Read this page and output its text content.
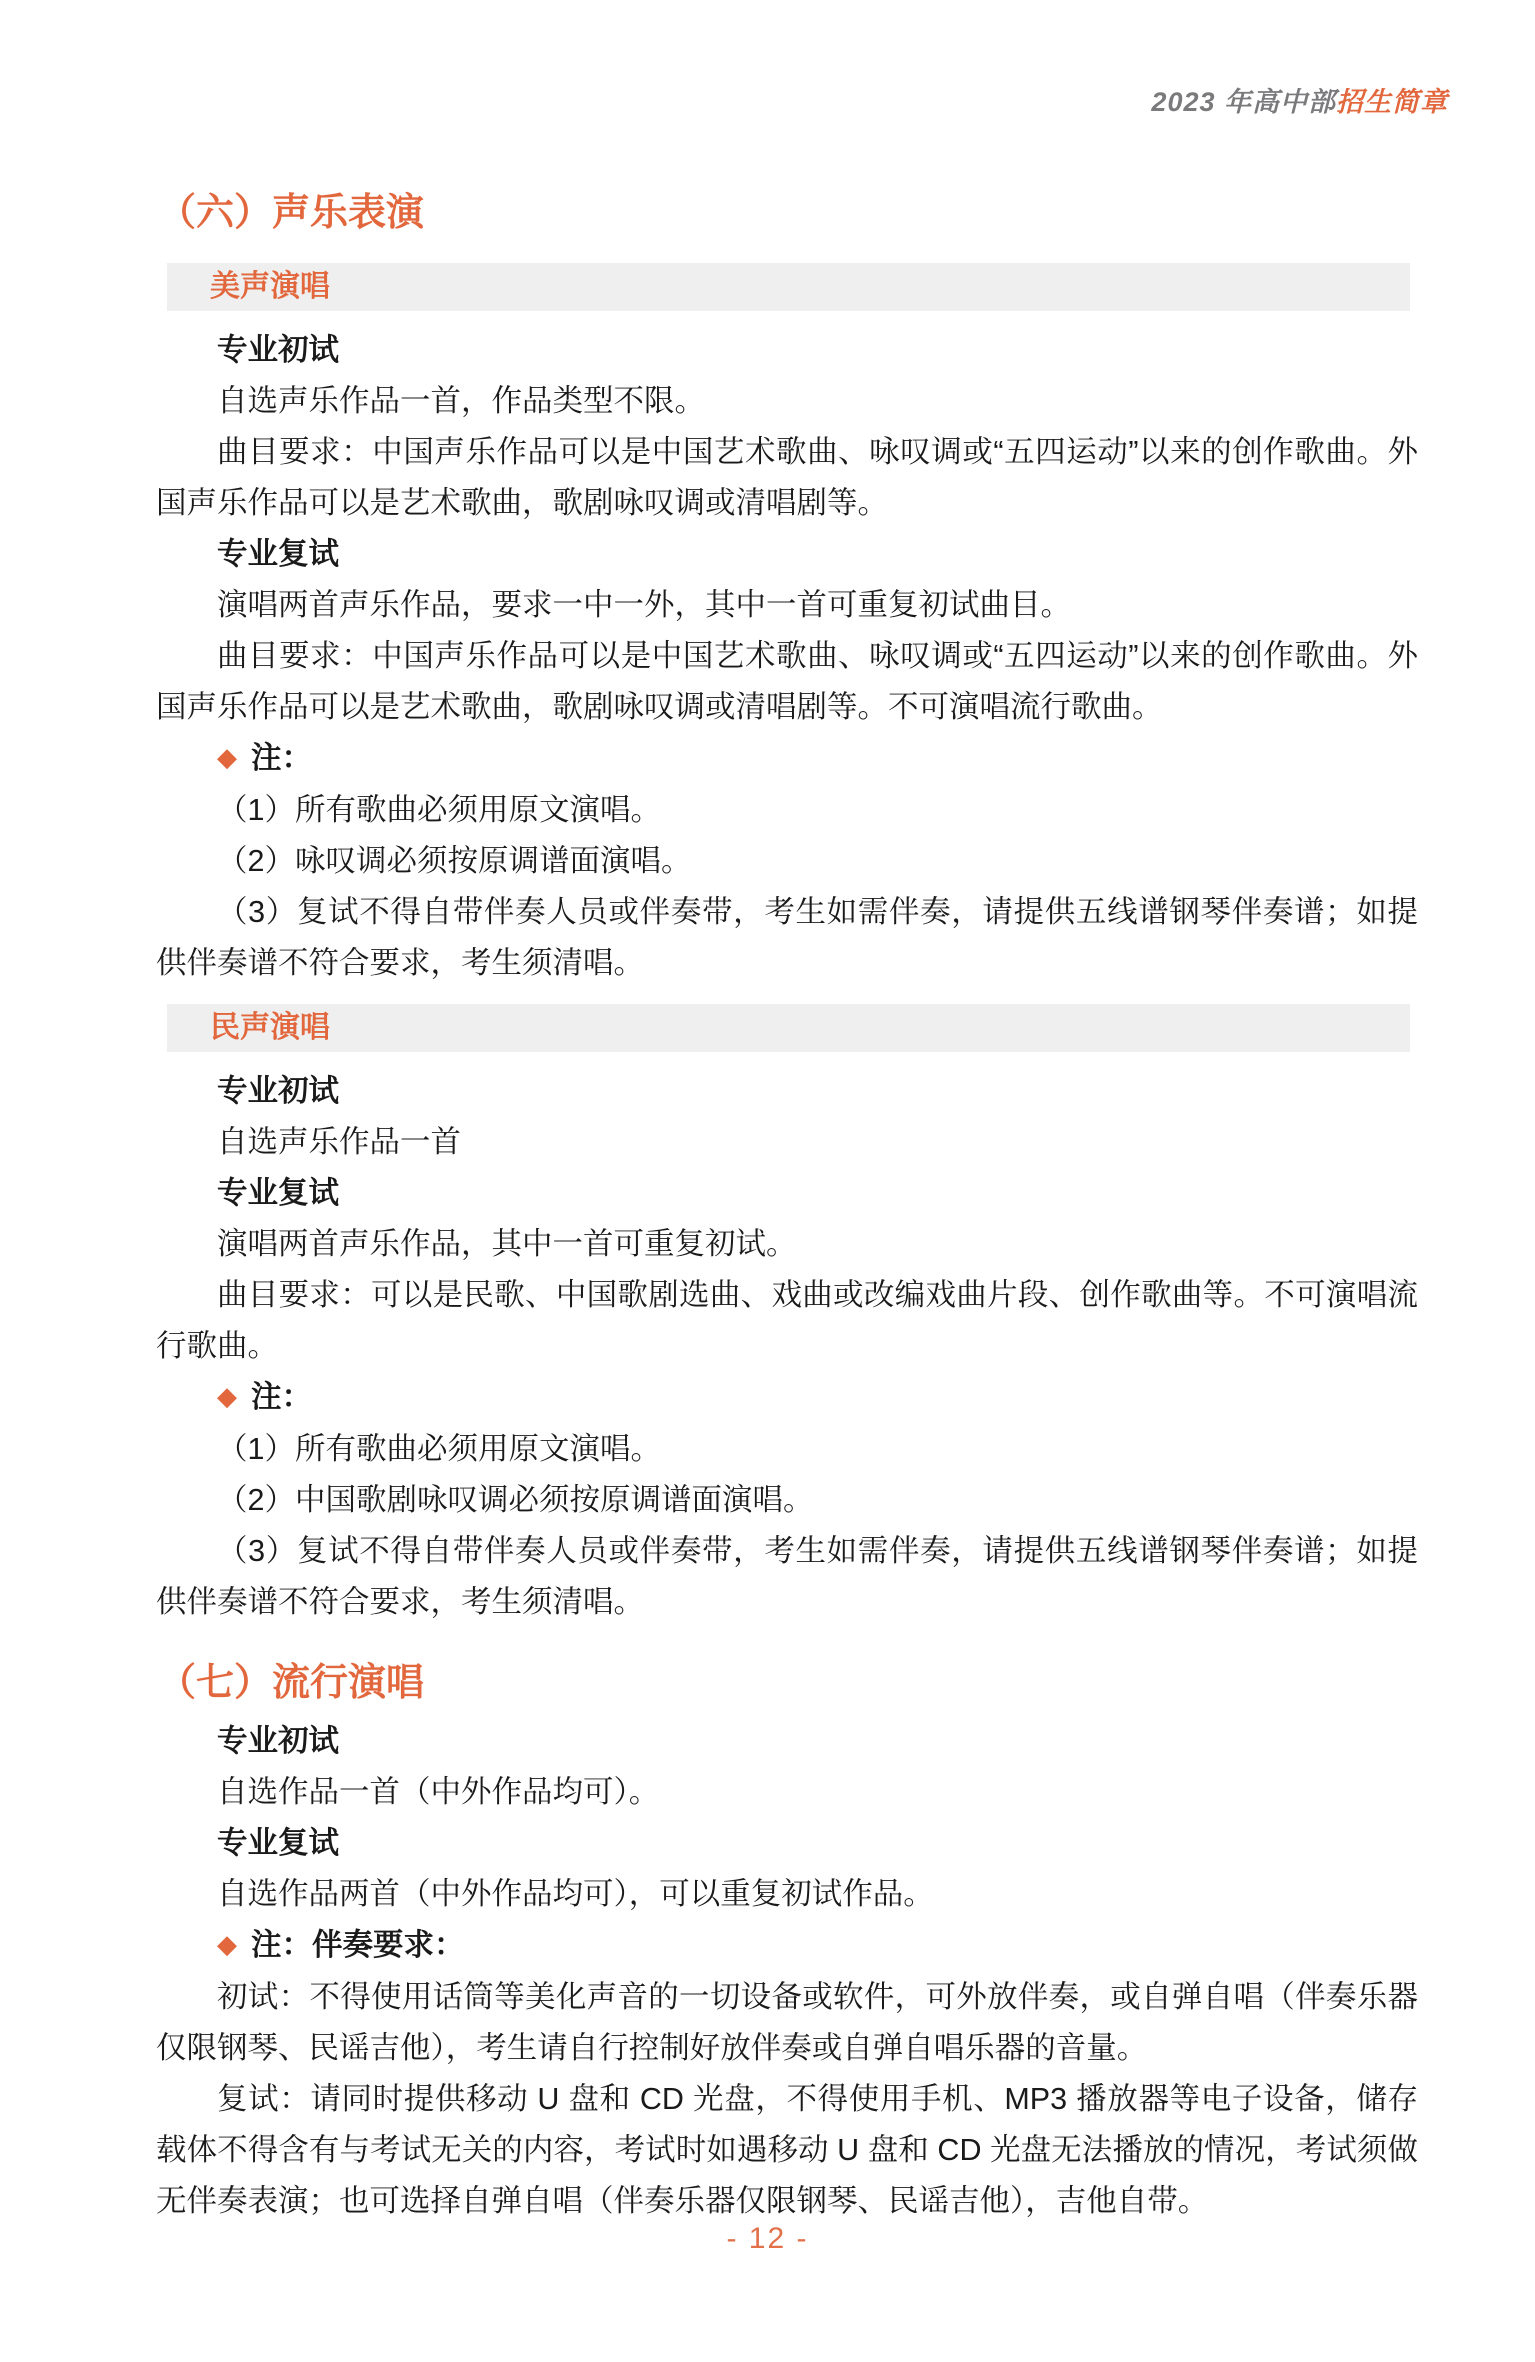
2023 年高中部招生简章
（六）声乐表演
美声演唱

专业初试

自选声乐作品一首，作品类型不限。

曲目要求：中国声乐作品可以是中国艺术歌曲、咏叹调或“五四运动”以来的创作歌曲。外国声乐作品可以是艺术歌曲，歌剧咏叹调或清唱剧等。

专业复试

演唱两首声乐作品，要求一中一外，其中一首可重复初试曲目。

曲目要求：中国声乐作品可以是中国艺术歌曲、咏叹调或“五四运动”以来的创作歌曲。外国声乐作品可以是艺术歌曲，歌剧咏叹调或清唱剧等。不可演唱流行歌曲。

◆ 注：

（1）所有歌曲必须用原文演唱。

（2）咏叹调必须按原调谱面演唱。

（3）复试不得自带伴奏人员或伴奏带，考生如需伴奏，请提供五线谱钢琴伴奏谱；如提供伴奏谱不符合要求，考生须清唱。

民声演唱

专业初试

自选声乐作品一首

专业复试

演唱两首声乐作品，其中一首可重复初试。

曲目要求：可以是民歌、中国歌剧选曲、戏曲或改编戏曲片段、创作歌曲等。不可演唱流行歌曲。

◆ 注：

（1）所有歌曲必须用原文演唱。

（2）中国歌剧咏叹调必须按原调谱面演唱。

（3）复试不得自带伴奏人员或伴奏带，考生如需伴奏，请提供五线谱钢琴伴奏谱；如提供伴奏谱不符合要求，考生须清唱。

（七）流行演唱

专业初试

自选作品一首（中外作品均可）。

专业复试

自选作品两首（中外作品均可），可以重复初试作品。

◆ 注：伴奏要求：

初试：不得使用话筒等美化声音的一切设备或软件，可外放伴奏，或自弹自唱（伴奏乐器仅限钢琴、民谣吉他），考生请自行控制好放伴奏或自弹自唱乐器的音量。

复试：请同时提供移动 U 盘和 CD 光盘，不得使用手机、MP3 播放器等电子设备，储存载体不得含有与考试无关的内容，考试时如遇移动 U 盘和 CD 光盘无法播放的情况，考试须做无伴奏表演；也可选择自弹自唱（伴奏乐器仅限钢琴、民谣吉他），吉他自带。

- 12 -
